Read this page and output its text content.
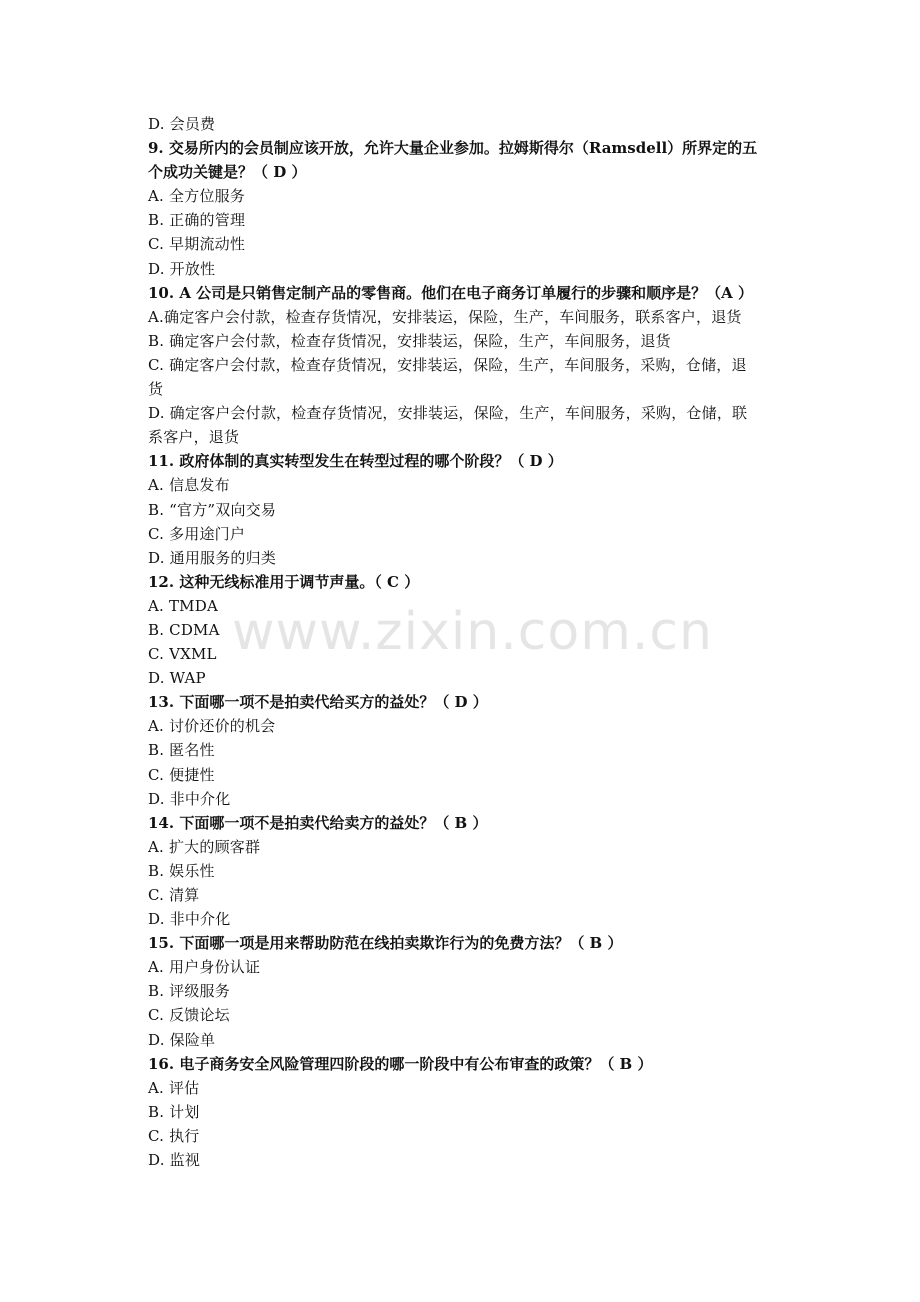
D. 会员费
9. 交易所内的会员制应该开放，允许大量企业参加。拉姆斯得尔（Ramsdell）所界定的五
个成功关键是？（ D ）
A. 全方位服务
B. 正确的管理
C. 早期流动性
D. 开放性
10. A 公司是只销售定制产品的零售商。他们在电子商务订单履行的步骤和顺序是？（A ）
A.确定客户会付款，检查存货情况，安排装运，保险，生产，车间服务，联系客户，退货
B. 确定客户会付款，检查存货情况，安排装运，保险，生产，车间服务，退货
C. 确定客户会付款，检查存货情况，安排装运，保险，生产，车间服务，采购，仓储，退
货
D. 确定客户会付款，检查存货情况，安排装运，保险，生产，车间服务，采购，仓储，联
系客户，退货
11. 政府体制的真实转型发生在转型过程的哪个阶段？（ D ）
A. 信息发布
B. “官方”双向交易
C. 多用途门户
D. 通用服务的归类
12. 这种无线标准用于调节声量。（ C ）
A. TMDA
B. CDMA
C. VXML
D. WAP
13. 下面哪一项不是拍卖代给买方的益处？（ D ）
A. 讨价还价的机会
B. 匿名性
C. 便捷性
D. 非中介化
14. 下面哪一项不是拍卖代给卖方的益处？（ B ）
A. 扩大的顾客群
B. 娱乐性
C. 清算
D. 非中介化
15. 下面哪一项是用来帮助防范在线拍卖欺诈行为的免费方法？（ B ）
A. 用户身份认证
B. 评级服务
C. 反馈论坛
D. 保险单
16. 电子商务安全风险管理四阶段的哪一阶段中有公布审查的政策？（ B ）
A. 评估
B. 计划
C. 执行
D. 监视
www.zixin.com.cn
